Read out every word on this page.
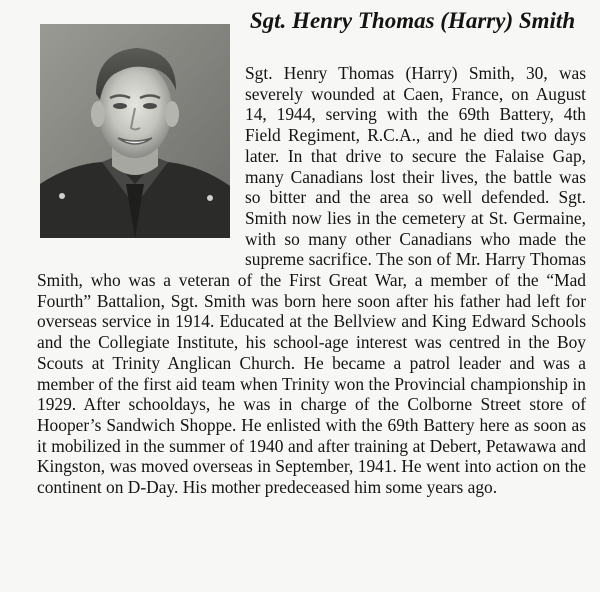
Sgt. Henry Thomas (Harry) Smith

Sgt. Henry Thomas (Harry) Smith, 30, was severely wounded at Caen, France, on August 14, 1944, serving with the 69th Battery, 4th Field Regiment, R.C.A., and he died two days later. In that drive to secure the Falaise Gap, many Canadians lost their lives, the battle was so bitter and the area so well defended. Sgt. Smith now lies in the cemetery at St. Germaine, with so many other Canadians who made the supreme sacrifice. The son of Mr. Harry Thomas Smith, who was a veteran of the First Great War, a member of the “Mad Fourth” Battalion, Sgt. Smith was born here soon after his father had left for overseas service in 1914. Educated at the Bellview and King Edward Schools and the Collegiate Institute, his school-age interest was centred in the Boy Scouts at Trinity Anglican Church. He became a patrol leader and was a member of the first aid team when Trinity won the Provincial championship in 1929. After schooldays, he was in charge of the Colborne Street store of Hooper’s Sandwich Shoppe. He enlisted with the 69th Battery here as soon as it mobilized in the summer of 1940 and after training at Debert, Petawawa and Kingston, was moved overseas in September, 1941. He went into action on the continent on D-Day. His mother predeceased him some years ago.
